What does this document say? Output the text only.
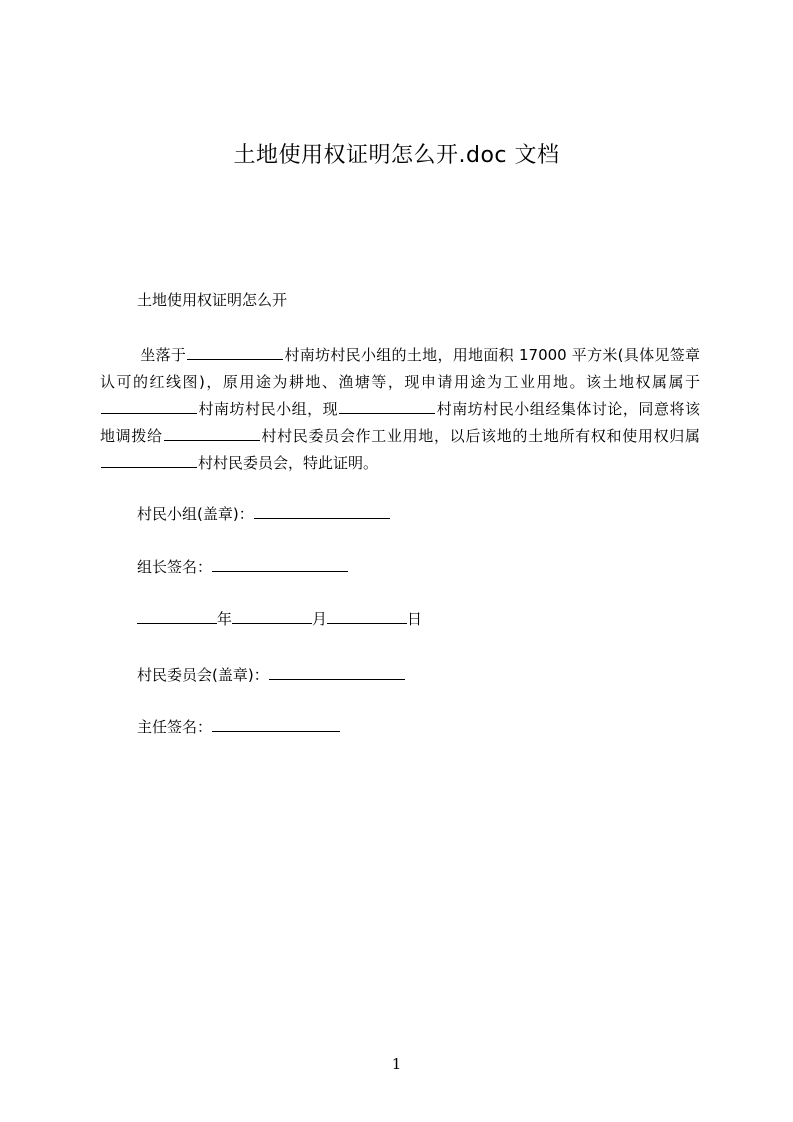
土地使用权证明怎么开.doc 文档
土地使用权证明怎么开
坐落于	村南坊村民小组的土地，用地面积 17000 平方米(具体见签章认可的红线图)，原用途为耕地、渔塘等，现申请用途为工业用地。该土地权属属于村南坊村民小组，现	村南坊村民小组经集体讨论，同意将该地调拨给	村村民委员会作工业用地，以后该地的土地所有权和使用权归属村村民委员会，特此证明。
村民小组(盖章)：
组长签名：
年	月	日
村民委员会(盖章)：
主任签名：
1
